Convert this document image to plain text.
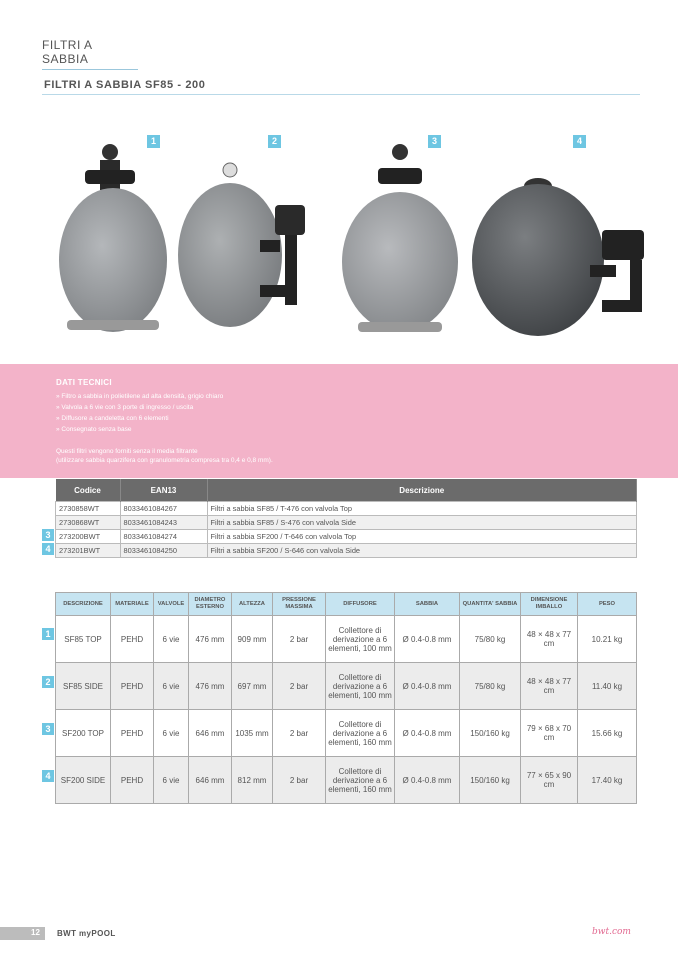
FILTRI A SABBIA
FILTRI A SABBIA SF85 - 200
1	2	3	4
DATI TECNICI
» Filtro a sabbia in polietilene ad alta densità, grigio chiaro
» Valvola a 6 vie con 3 porte di ingresso / uscita
» Diffusore a candeletta con 6 elementi
» Consegnato senza base
Questi filtri vengono forniti senza il media filtrante
(utilizzare sabbia quarzifera con granulometria compresa tra 0,4 e 0,8 mm).
Codice	EAN13	Descrizione
2730858WT	8033461084267	Filtri a sabbia SF85 / T-476 con valvola Top
2730868WT	8033461084243	Filtri a sabbia SF85 / S-476 con valvola Side
273200BWT	8033461084274	Filtri a sabbia SF200 / T-646 con valvola Top
273201BWT	8033461084250	Filtri a sabbia SF200 / S-646 con valvola Side
3
4
DESCRIZIONE	MATERIALE	VALVOLE	DIAMETRO ESTERNO	ALTEZZA	PRESSIONE MASSIMA	DIFFUSORE	SABBIA	QUANTITA' SABBIA	DIMENSIONE IMBALLO	PESO
SF85 TOP	PEHD	6 vie	476 mm	909 mm	2 bar	Collettore di derivazione a 6 elementi, 100 mm	Ø 0.4-0.8 mm	75/80 kg	48 × 48 x 77 cm	10.21 kg
SF85 SIDE	PEHD	6 vie	476 mm	697 mm	2 bar	Collettore di derivazione a 6 elementi, 100 mm	Ø 0.4-0.8 mm	75/80 kg	48 × 48 x 77 cm	11.40 kg
SF200 TOP	PEHD	6 vie	646 mm	1035 mm	2 bar	Collettore di derivazione a 6 elementi, 160 mm	Ø 0.4-0.8 mm	150/160 kg	79 × 68 x 70 cm	15.66 kg
SF200 SIDE	PEHD	6 vie	646 mm	812 mm	2 bar	Collettore di derivazione a 6 elementi, 160 mm	Ø 0.4-0.8 mm	150/160 kg	77 × 65 x 90 cm	17.40 kg
1
2
3
4
12 BWT myPOOL	bwt.com
